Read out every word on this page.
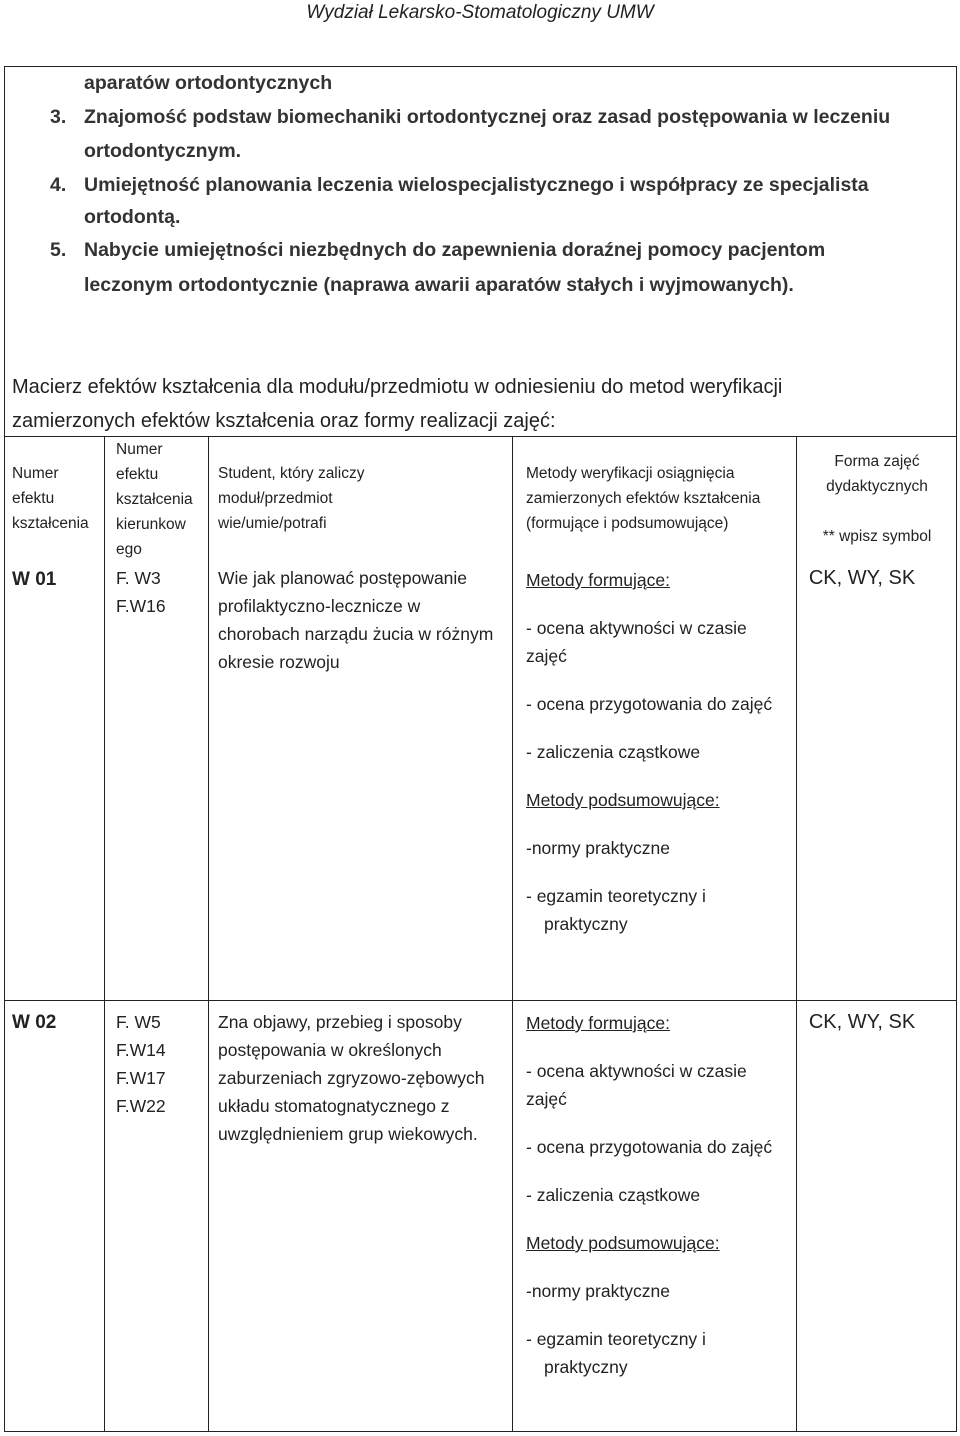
Wydział Lekarsko-Stomatologiczny UMW
aparatów ortodontycznych
3. Znajomość podstaw biomechaniki ortodontycznej oraz zasad postępowania w leczeniu
ortodontycznym.
4. Umiejętność planowania leczenia wielospecjalistycznego i współpracy ze specjalista
ortodontą.
5. Nabycie umiejętności niezbędnych do zapewnienia doraźnej pomocy pacjentom
leczonym ortodontycznie (naprawa awarii aparatów stałych i wyjmowanych).
Macierz efektów kształcenia dla modułu/przedmiotu w odniesieniu do metod weryfikacji
zamierzonych efektów kształcenia oraz formy realizacji zajęć:
Numer
efektu
kształcenia
Numer
efektu
kształcenia
kierunkow
ego
Student, który zaliczy
moduł/przedmiot
wie/umie/potrafi
Metody weryfikacji osiągnięcia
zamierzonych efektów kształcenia
(formujące i podsumowujące)
Forma zajęć
dydaktycznych
** wpisz symbol
W 01	F. W3
F.W16
Wie jak planować postępowanie
profilaktyczno-lecznicze w
chorobach narządu żucia w różnym
okresie rozwoju
Metody formujące:
- ocena aktywności w czasie
zajęć
- ocena przygotowania do zajęć
- zaliczenia cząstkowe
Metody podsumowujące:
-normy praktyczne
- egzamin teoretyczny i
praktyczny
CK, WY, SK
W 02	F. W5
F.W14
F.W17
F.W22
Zna objawy, przebieg i sposoby
postępowania w określonych
zaburzeniach zgryzowo-zębowych
układu stomatognatycznego z
uwzględnieniem grup wiekowych.
Metody formujące:
- ocena aktywności w czasie
zajęć
- ocena przygotowania do zajęć
- zaliczenia cząstkowe
Metody podsumowujące:
-normy praktyczne
- egzamin teoretyczny i
praktyczny
CK, WY, SK
